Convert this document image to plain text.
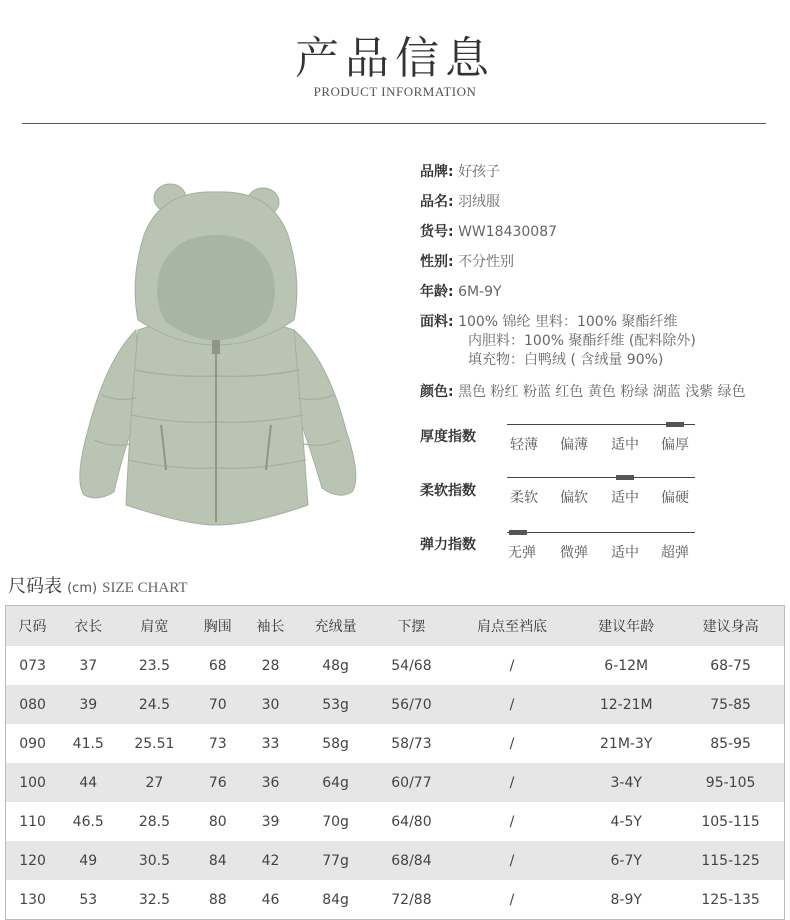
产品信息
PRODUCT INFORMATION
品牌: 好孩子
品名: 羽绒服
货号: WW18430087
性别: 不分性别
年龄: 6M-9Y
面料: 100% 锦纶 里料：100% 聚酯纤维
内胆料：100% 聚酯纤维 (配料除外)
填充物：白鸭绒 ( 含绒量 90%)
颜色: 黑色 粉红 粉蓝 红色 黄色 粉绿 湖蓝 浅紫 绿色
厚度指数 轻薄 偏薄 适中 偏厚
柔软指数 柔软 偏软 适中 偏硬
弹力指数 无弹 微弹 适中 超弹
尺码表 (cm) SIZE CHART
尺码	衣长	肩宽	胸围	袖长	充绒量	下摆	肩点至裆底	建议年龄	建议身高
073	37	23.5	68	28	48g	54/68	/	6-12M	68-75
080	39	24.5	70	30	53g	56/70	/	12-21M	75-85
090	41.5	25.51	73	33	58g	58/73	/	21M-3Y	85-95
100	44	27	76	36	64g	60/77	/	3-4Y	95-105
110	46.5	28.5	80	39	70g	64/80	/	4-5Y	105-115
120	49	30.5	84	42	77g	68/84	/	6-7Y	115-125
130	53	32.5	88	46	84g	72/88	/	8-9Y	125-135
